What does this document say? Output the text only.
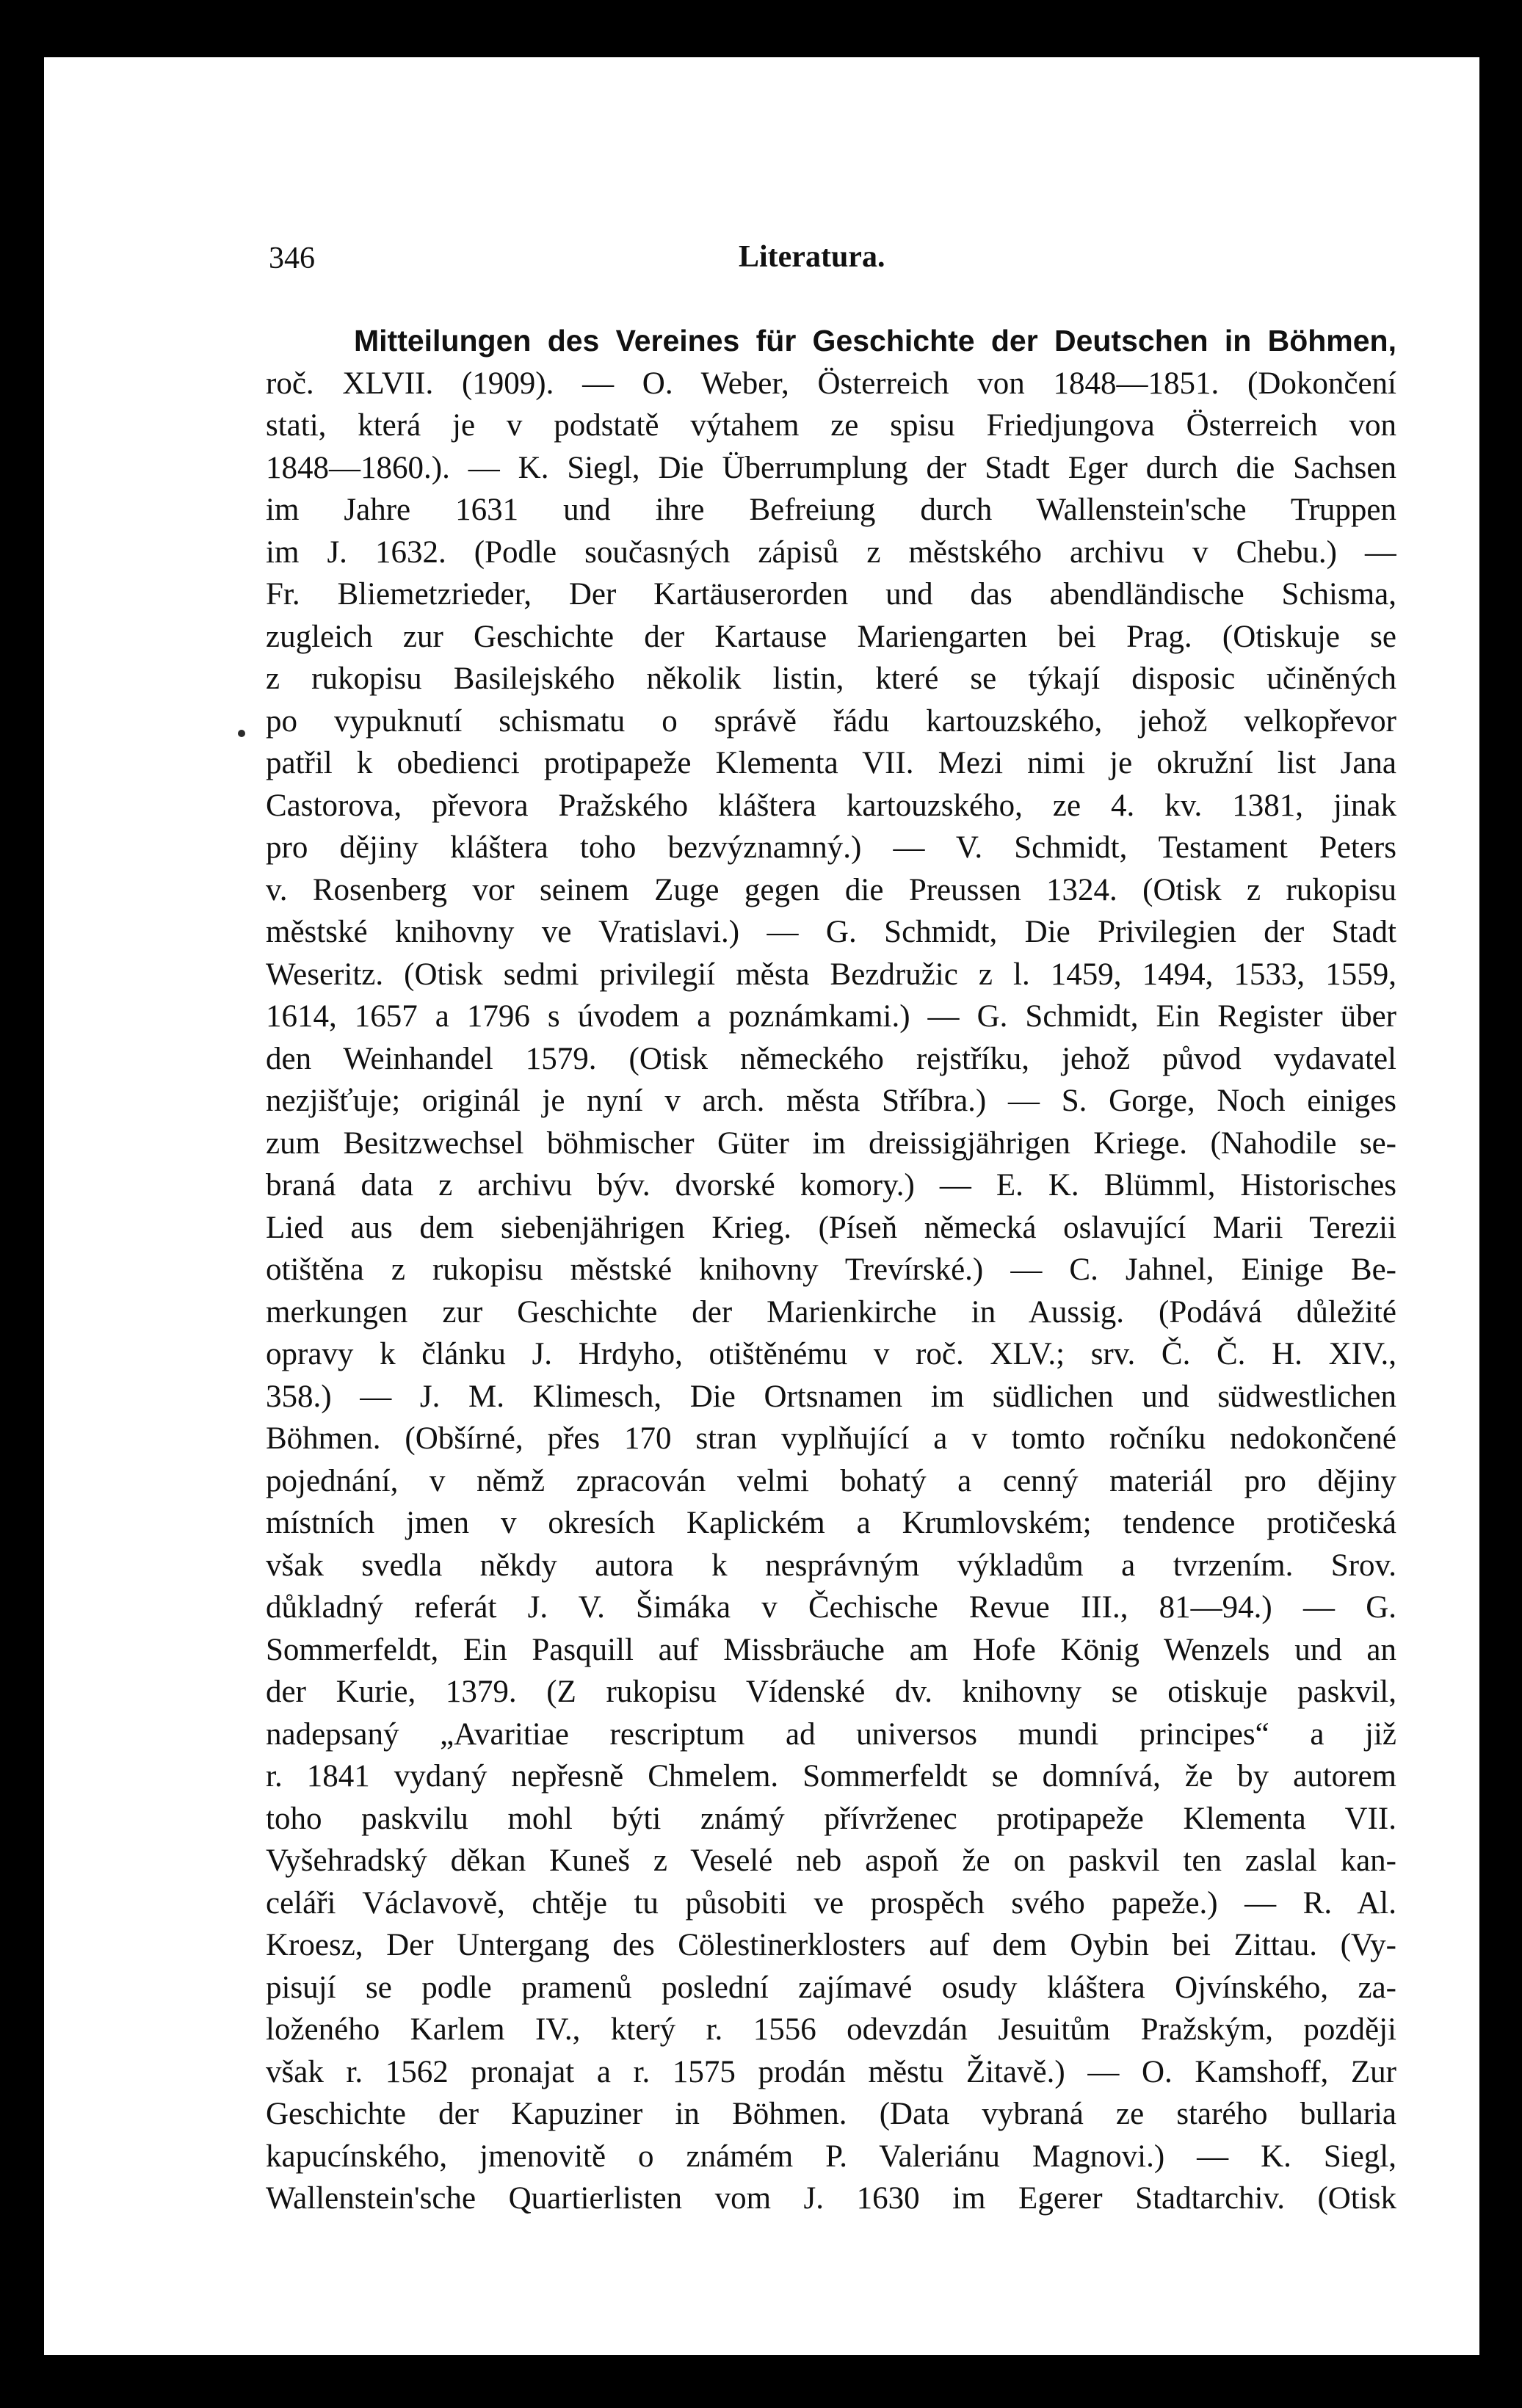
346	Literatura.
Mitteilungen des Vereines für Geschichte der Deutschen in Böhmen,
roč. XLVII. (1909). — O. Weber, Österreich von 1848—1851. (Dokončení
stati, která je v podstatě výtahem ze spisu Friedjungova Österreich von
1848—1860.). — K. Siegl, Die Überrumplung der Stadt Eger durch die Sachsen
im Jahre 1631 und ihre Befreiung durch Wallenstein'sche Truppen
im J. 1632. (Podle současných zápisů z městského archivu v Chebu.) —
Fr. Bliemetzrieder, Der Kartäuserorden und das abendländische Schisma,
zugleich zur Geschichte der Kartause Mariengarten bei Prag. (Otiskuje se
z rukopisu Basilejského několik listin, které se týkají disposic učiněných
po vypuknutí schismatu o správě řádu kartouzského, jehož velkopřevor
patřil k obedienci protipapeže Klementa VII. Mezi nimi je okružní list Jana
Castorova, převora Pražského kláštera kartouzského, ze 4. kv. 1381, jinak
pro dějiny kláštera toho bezvýznamný.) — V. Schmidt, Testament Peters
v. Rosenberg vor seinem Zuge gegen die Preussen 1324. (Otisk z rukopisu
městské knihovny ve Vratislavi.) — G. Schmidt, Die Privilegien der Stadt
Weseritz. (Otisk sedmi privilegií města Bezdružic z l. 1459, 1494, 1533, 1559,
1614, 1657 a 1796 s úvodem a poznámkami.) — G. Schmidt, Ein Register über
den Weinhandel 1579. (Otisk německého rejstříku, jehož původ vydavatel
nezjišťuje; originál je nyní v arch. města Stříbra.) — S. Gorge, Noch einiges
zum Besitzwechsel böhmischer Güter im dreissigjährigen Kriege. (Nahodile se-
braná data z archivu býv. dvorské komory.) — E. K. Blümml, Historisches
Lied aus dem siebenjährigen Krieg. (Píseň německá oslavující Marii Terezii
otištěna z rukopisu městské knihovny Trevírské.) — C. Jahnel, Einige Be-
merkungen zur Geschichte der Marienkirche in Aussig. (Podává důležité
opravy k článku J. Hrdyho, otištěnému v roč. XLV.; srv. Č. Č. H. XIV.,
358.) — J. M. Klimesch, Die Ortsnamen im südlichen und südwestlichen
Böhmen. (Obšírné, přes 170 stran vyplňující a v tomto ročníku nedokončené
pojednání, v němž zpracován velmi bohatý a cenný materiál pro dějiny
místních jmen v okresích Kaplickém a Krumlovském; tendence protičeská
však svedla někdy autora k nesprávným výkladům a tvrzením. Srov.
důkladný referát J. V. Šimáka v Čechische Revue III., 81—94.) — G.
Sommerfeldt, Ein Pasquill auf Missbräuche am Hofe König Wenzels und an
der Kurie, 1379. (Z rukopisu Vídenské dv. knihovny se otiskuje paskvil,
nadepsaný „Avaritiae rescriptum ad universos mundi principes“ a již
r. 1841 vydaný nepřesně Chmelem. Sommerfeldt se domnívá, že by autorem
toho paskvilu mohl býti známý přívrženec protipapeže Klementa VII.
Vyšehradský děkan Kuneš z Veselé neb aspoň že on paskvil ten zaslal kan-
celáři Václavově, chtěje tu působiti ve prospěch svého papeže.) — R. Al.
Kroesz, Der Untergang des Cölestinerklosters auf dem Oybin bei Zittau. (Vy-
pisují se podle pramenů poslední zajímavé osudy kláštera Ojvínského, za-
loženého Karlem IV., který r. 1556 odevzdán Jesuitům Pražským, později
však r. 1562 pronajat a r. 1575 prodán městu Žitavě.) — O. Kamshoff, Zur
Geschichte der Kapuziner in Böhmen. (Data vybraná ze starého bullaria
kapucínského, jmenovitě o známém P. Valeriánu Magnovi.) — K. Siegl,
Wallenstein'sche Quartierlisten vom J. 1630 im Egerer Stadtarchiv. (Otisk
